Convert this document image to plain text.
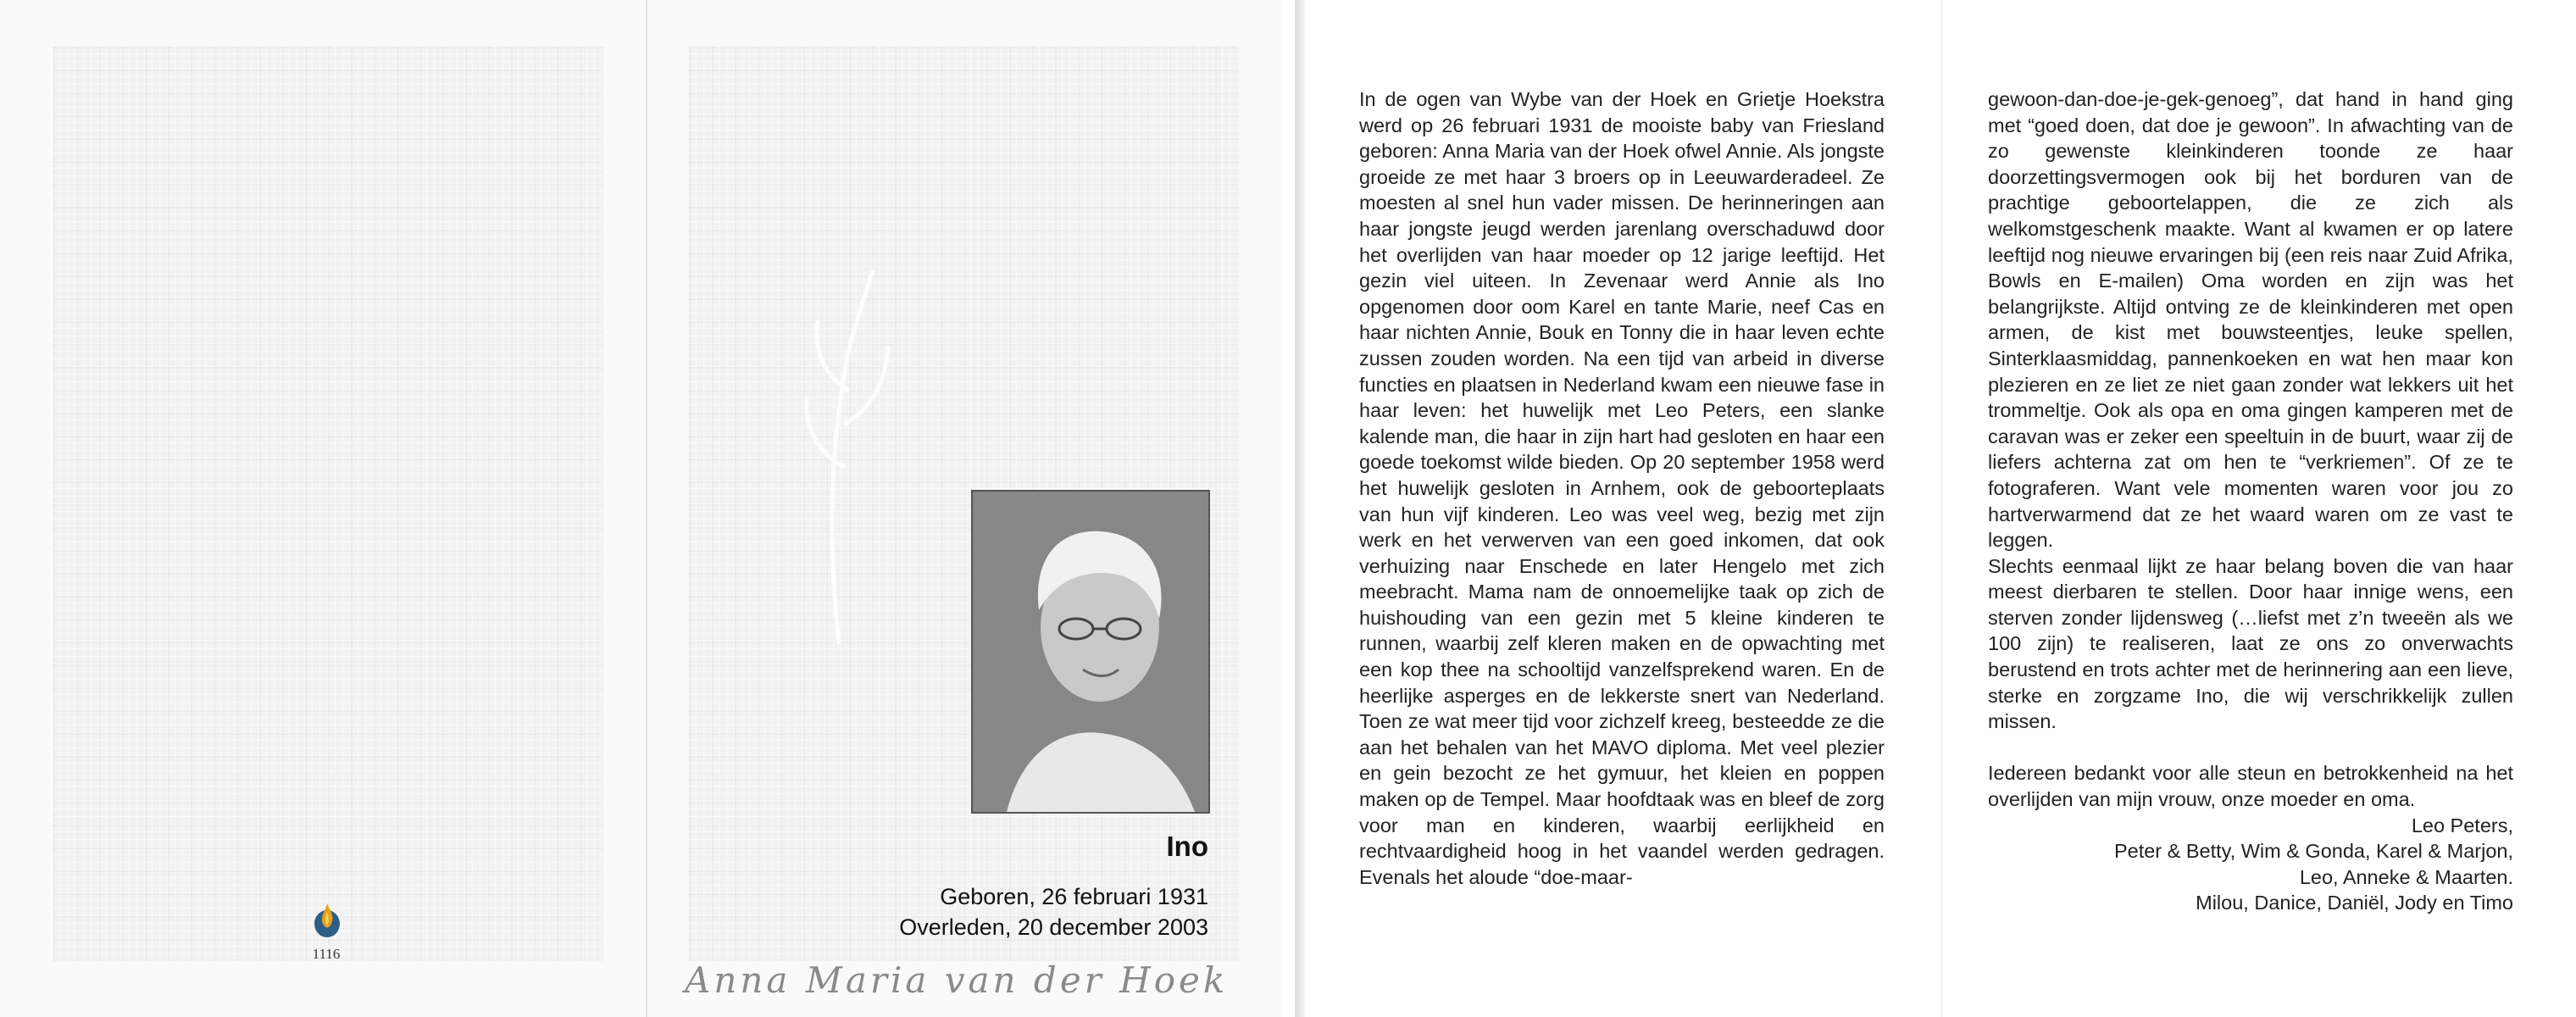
1116
Ino
Geboren, 26 februari 1931
Overleden, 20 december 2003
Anna Maria van der Hoek

In de ogen van Wybe van der Hoek en Grietje Hoekstra werd op 26 februari 1931 de mooiste baby van Friesland geboren: Anna Maria van der Hoek ofwel Annie. Als jongste groeide ze met haar 3 broers op in Leeuwarderadeel. Ze moesten al snel hun vader missen. De herinneringen aan haar jongste jeugd werden jarenlang overschaduwd door het overlijden van haar moeder op 12 jarige leeftijd. Het gezin viel uiteen. In Zevenaar werd Annie als Ino opgenomen door oom Karel en tante Marie, neef Cas en haar nichten Annie, Bouk en Tonny die in haar leven echte zussen zouden worden. Na een tijd van arbeid in diverse functies en plaatsen in Nederland kwam een nieuwe fase in haar leven: het huwelijk met Leo Peters, een slanke kalende man, die haar in zijn hart had gesloten en haar een goede toekomst wilde bieden. Op 20 september 1958 werd het huwelijk gesloten in Arnhem, ook de geboorteplaats van hun vijf kinderen. Leo was veel weg, bezig met zijn werk en het verwerven van een goed inkomen, dat ook verhuizing naar Enschede en later Hengelo met zich meebracht. Mama nam de onnoemelijke taak op zich de huishouding van een gezin met 5 kleine kinderen te runnen, waarbij zelf kleren maken en de opwachting met een kop thee na schooltijd vanzelfsprekend waren. En de heerlijke asperges en de lekkerste snert van Nederland. Toen ze wat meer tijd voor zichzelf kreeg, besteedde ze die aan het behalen van het MAVO diploma. Met veel plezier en gein bezocht ze het gymuur, het kleien en poppen maken op de Tempel. Maar hoofdtaak was en bleef de zorg voor man en kinderen, waarbij eerlijkheid en rechtvaardigheid hoog in het vaandel werden gedragen. Evenals het aloude “doe-maar-

gewoon-dan-doe-je-gek-genoeg”, dat hand in hand ging met “goed doen, dat doe je gewoon”. In afwachting van de zo gewenste kleinkinderen toonde ze haar doorzettingsvermogen ook bij het borduren van de prachtige geboortelappen, die ze zich als welkomstgeschenk maakte. Want al kwamen er op latere leeftijd nog nieuwe ervaringen bij (een reis naar Zuid Afrika, Bowls en E-mailen) Oma worden en zijn was het belangrijkste. Altijd ontving ze de kleinkinderen met open armen, de kist met bouwsteentjes, leuke spellen, Sinterklaasmiddag, pannenkoeken en wat hen maar kon plezieren en ze liet ze niet gaan zonder wat lekkers uit het trommeltje. Ook als opa en oma gingen kamperen met de caravan was er zeker een speeltuin in de buurt, waar zij de liefers achterna zat om hen te “verkriemen”. Of ze te fotograferen. Want vele momenten waren voor jou zo hartverwarmend dat ze het waard waren om ze vast te leggen.

Slechts eenmaal lijkt ze haar belang boven die van haar meest dierbaren te stellen. Door haar innige wens, een sterven zonder lijdensweg (…liefst met z’n tweeën als we 100 zijn) te realiseren, laat ze ons zo onverwachts berustend en trots achter met de herinnering aan een lieve, sterke en zorgzame Ino, die wij verschrikkelijk zullen missen.

Iedereen bedankt voor alle steun en betrokkenheid na het overlijden van mijn vrouw, onze moeder en oma.

Leo Peters,
Peter & Betty, Wim & Gonda, Karel & Marjon,
Leo, Anneke & Maarten.
Milou, Danice, Daniël, Jody en Timo
